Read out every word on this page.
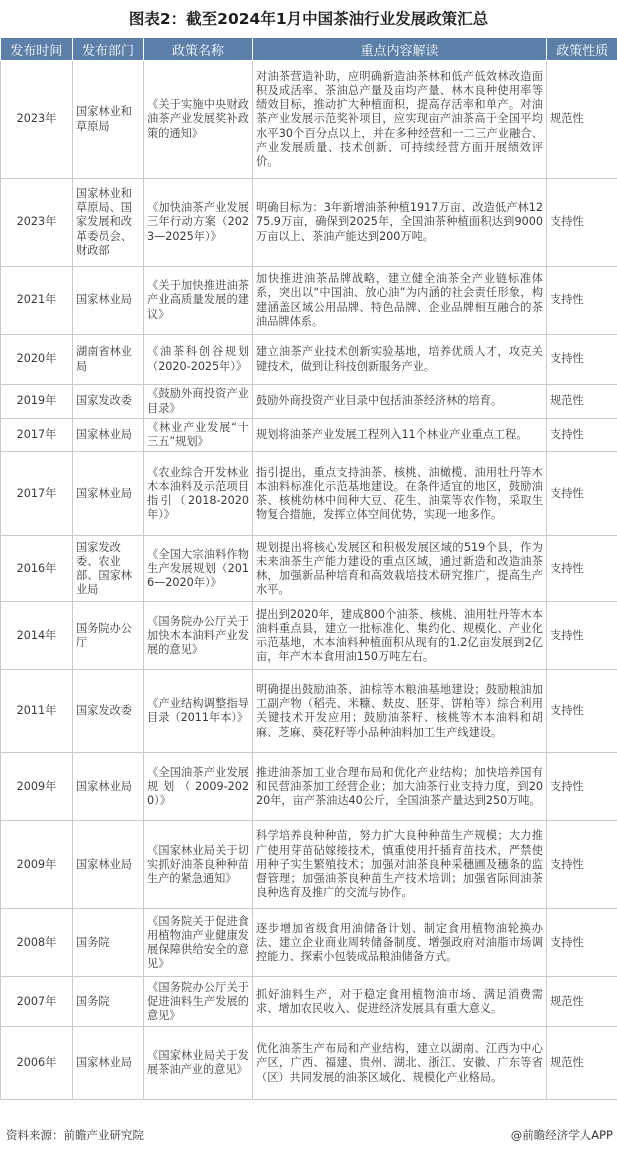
图表2：截至2024年1月中国茶油行业发展政策汇总
发布时间	发布部门	政策名称	重点内容解读	政策性质
2023年	国家林业和草原局	《关于实施中央财政油茶产业发展奖补政策的通知》	对油茶营造补助，应明确新造油茶林和低产低效林改造面积及成活率、茶油总产量及亩均产量、林木良种使用率等绩效目标，推动扩大种植面积，提高存活率和单产。对油茶产业发展示范奖补项目，应实现亩产油茶高于全国平均水平30个百分点以上，并在多种经营和一二三产业融合、产业发展质量、技术创新、可持续经营方面开展绩效评价。	规范性
2023年	国家林业和草原局、国家发展和改革委员会、财政部	《加快油茶产业发展三年行动方案（2023—2025年）》	明确目标为：3年新增油茶种植1917万亩、改造低产林1275.9万亩，确保到2025年，全国油茶种植面积达到9000万亩以上、茶油产能达到200万吨。	支持性
2021年	国家林业局	《关于加快推进油茶产业高质量发展的建议》	加快推进油茶品牌战略，建立健全油茶全产业链标准体系，突出以“中国油、放心油”为内涵的社会责任形象，构建涵盖区域公用品牌、特色品牌、企业品牌相互融合的茶油品牌体系。	支持性
2020年	湖南省林业局	《油茶科创谷规划（2020-2025年）》	建立油茶产业技术创新实验基地，培养优质人才，攻克关键技术，做到让科技创新服务产业。	支持性
2019年	国家发改委	《鼓励外商投资产业目录》	鼓励外商投资产业目录中包括油茶经济林的培育。	规范性
2017年	国家林业局	《林业产业发展“十三五”规划》	规划将油茶产业发展工程列入11个林业产业重点工程。	支持性
2017年	国家林业局	《农业综合开发林业木本油料及示范项目指引（2018-2020年）》	指引提出，重点支持油茶、核桃、油橄榄、油用牡丹等木本油料标准化示范基地建设。在条件适宜的地区，鼓励油茶、核桃幼林中间种大豆、花生、油菜等农作物，采取生物复合措施，发挥立体空间优势，实现一地多作。	支持性
2016年	国家发改委、农业部、国家林业局	《全国大宗油料作物生产发展规划（2016—2020年）》	规划提出将核心发展区和积极发展区域的519个县，作为未来油茶生产能力建设的重点区域，通过新造和改造油茶林，加强新品种培育和高效栽培技术研究推广，提高生产水平。	支持性
2014年	国务院办公厅	《国务院办公厅关于加快木本油料产业发展的意见》	提出到2020年，建成800个油茶、核桃、油用牡丹等木本油料重点县，建立一批标准化、集约化、规模化、产业化示范基地，木本油料种植面积从现有的1.2亿亩发展到2亿亩，年产木本食用油150万吨左右。	支持性
2011年	国家发改委	《产业结构调整指导目录（2011年本）》	明确提出鼓励油茶、油棕等木粮油基地建设；鼓励粮油加工副产物（稻壳、米糠、麸皮、胚芽、饼粕等）综合利用关键技术开发应用；鼓励油茶籽、核桃等木本油料和胡麻、芝麻、葵花籽等小品种油料加工生产线建设。	支持性
2009年	国家林业局	《全国油茶产业发展规划（2009-2020）》	推进油茶加工业合理布局和优化产业结构；加快培养国有和民营油茶加工经营企业；加大油茶行业支持力度，到2020年，亩产茶油达40公斤，全国油茶产量达到250万吨。	支持性
2009年	国家林业局	《国家林业局关于切实抓好油茶良种种苗生产的紧急通知》	科学培养良种种苗，努力扩大良种种苗生产规模；大力推广使用芽苗砧嫁接技术，慎重使用扦插育苗技术，严禁使用种子实生繁殖技术；加强对油茶良种采穗圃及穗条的监督管理；加强油茶良种苗生产技术培训；加强省际间油茶良种选育及推广的交流与协作。	支持性
2008年	国务院	《国务院关于促进食用植物油产业健康发展保障供给安全的意见》	逐步增加省级食用油储备计划、制定食用植物油轮换办法、建立企业商业周转储备制度、增强政府对油脂市场调控能力、探索小包装成品粮油储备方式。	支持性
2007年	国务院	《国务院办公厅关于促进油料生产发展的意见》	抓好油料生产，对于稳定食用植物油市场、满足消费需求、增加农民收入、促进经济发展具有重大意义。	规范性
2006年	国家林业局	《国家林业局关于发展茶油产业的意见》	优化油茶生产布局和产业结构，建立以湖南、江西为中心产区，广西、福建、贵州、湖北、浙江、安徽、广东等省（区）共同发展的油茶区域化、规模化产业格局。	规范性
资料来源：前瞻产业研究院	@前瞻经济学人APP
